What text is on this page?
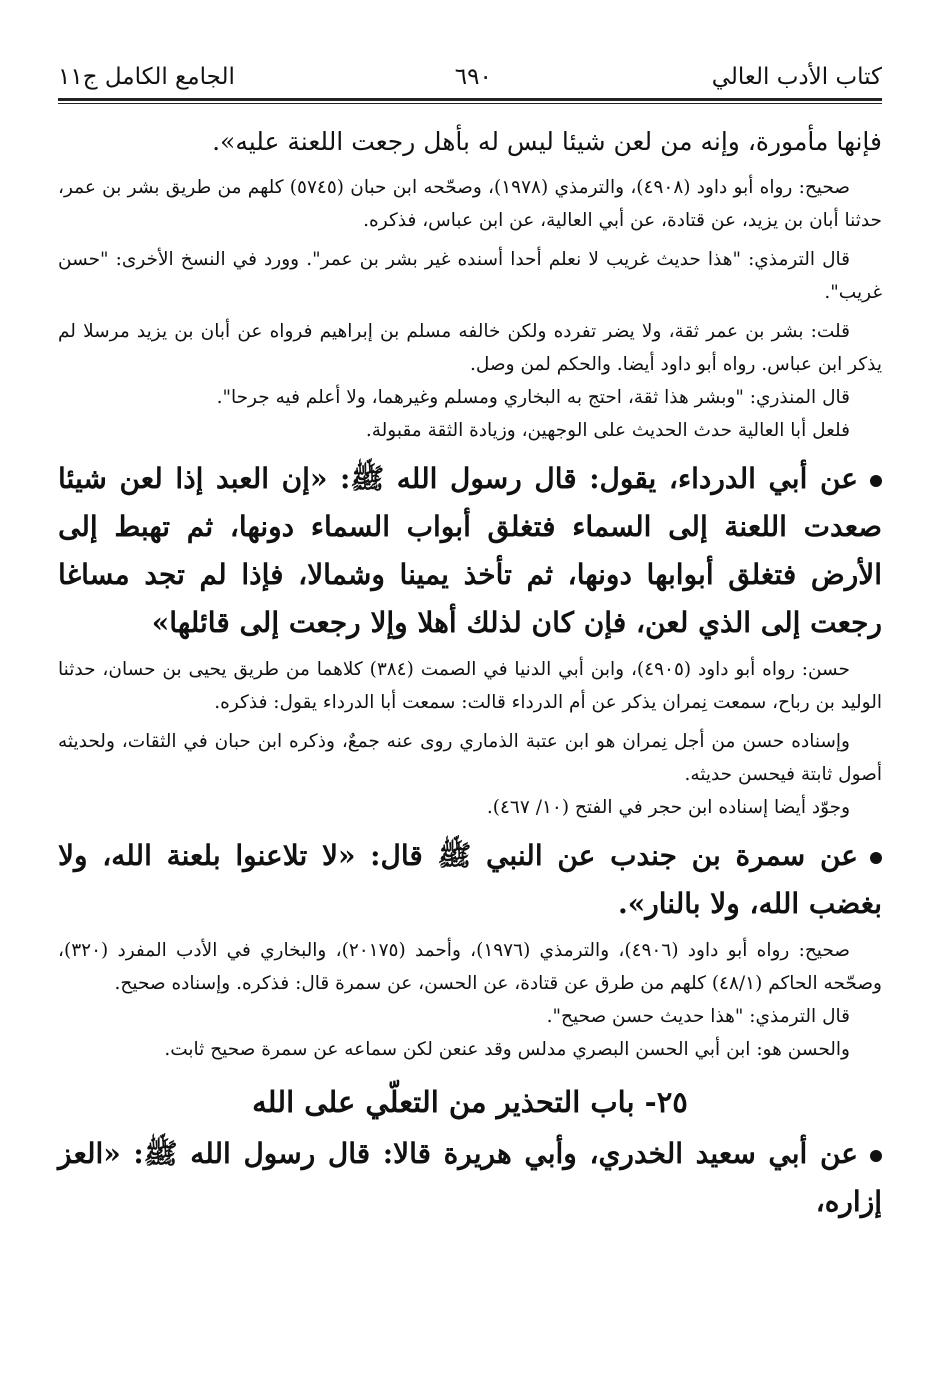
كتاب الأدب العالي
٦٩٠
الجامع الكامل ج١١

فإنها مأمورة، وإنه من لعن شيئا ليس له بأهل رجعت اللعنة عليه».

صحيح: رواه أبو داود (٤٩٠٨)، والترمذي (١٩٧٨)، وصحّحه ابن حبان (٥٧٤٥) كلهم من طريق بشر بن عمر، حدثنا أبان بن يزيد، عن قتادة، عن أبي العالية، عن ابن عباس، فذكره.

قال الترمذي: "هذا حديث غريب لا نعلم أحدا أسنده غير بشر بن عمر". وورد في النسخ الأخرى: "حسن غريب".

قلت: بشر بن عمر ثقة، ولا يضر تفرده ولكن خالفه مسلم بن إبراهيم فرواه عن أبان بن يزيد مرسلا لم يذكر ابن عباس. رواه أبو داود أيضا. والحكم لمن وصل.

قال المنذري: "وبشر هذا ثقة، احتج به البخاري ومسلم وغيرهما، ولا أعلم فيه جرحا".

فلعل أبا العالية حدث الحديث على الوجهين، وزيادة الثقة مقبولة.

عن أبي الدرداء، يقول: قال رسول الله ﷺ: «إن العبد إذا لعن شيئا صعدت اللعنة إلى السماء فتغلق أبواب السماء دونها، ثم تهبط إلى الأرض فتغلق أبوابها دونها، ثم تأخذ يمينا وشمالا، فإذا لم تجد مساغا رجعت إلى الذي لعن، فإن كان لذلك أهلا وإلا رجعت إلى قائلها»

حسن: رواه أبو داود (٤٩٠٥)، وابن أبي الدنيا في الصمت (٣٨٤) كلاهما من طريق يحيى بن حسان، حدثنا الوليد بن رباح، سمعت نِمران يذكر عن أم الدرداء قالت: سمعت أبا الدرداء يقول: فذكره.

وإسناده حسن من أجل نِمران هو ابن عتبة الذماري روى عنه جمعٌ، وذكره ابن حبان في الثقات، ولحديثه أصول ثابتة فيحسن حديثه.

وجوّد أيضا إسناده ابن حجر في الفتح (١٠/ ٤٦٧).

عن سمرة بن جندب عن النبي ﷺ قال: «لا تلاعنوا بلعنة الله، ولا بغضب الله، ولا بالنار».

صحيح: رواه أبو داود (٤٩٠٦)، والترمذي (١٩٧٦)، وأحمد (٢٠١٧٥)، والبخاري في الأدب المفرد (٣٢٠)، وصحّحه الحاكم (٤٨/١) كلهم من طرق عن قتادة، عن الحسن، عن سمرة قال: فذكره. وإسناده صحيح.

قال الترمذي: "هذا حديث حسن صحيح".

والحسن هو: ابن أبي الحسن البصري مدلس وقد عنعن لكن سماعه عن سمرة صحيح ثابت.

٢٥- باب التحذير من التعلّي على الله

عن أبي سعيد الخدري، وأبي هريرة قالا: قال رسول الله ﷺ: «العز إزاره،
